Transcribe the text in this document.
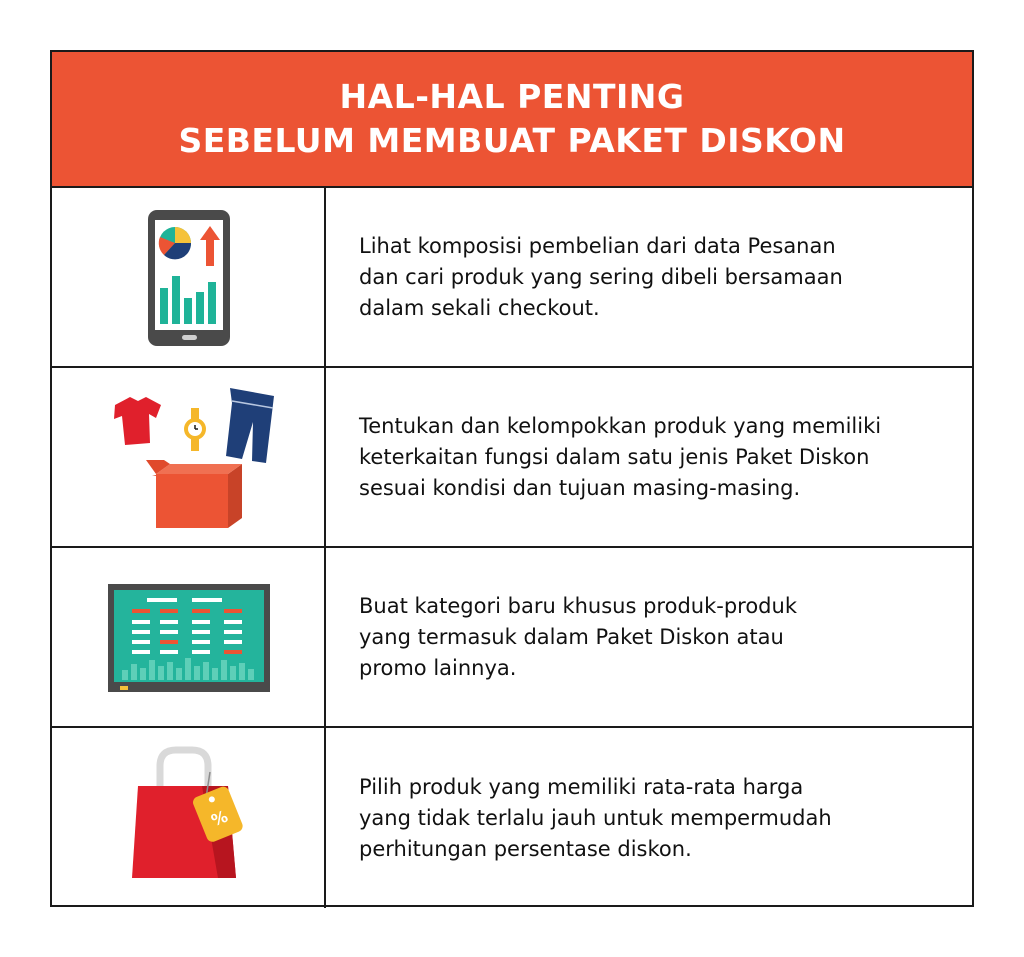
HAL-HAL PENTING
SEBELUM MEMBUAT PAKET DISKON

Lihat komposisi pembelian dari data Pesanan
dan cari produk yang sering dibeli bersamaan
dalam sekali checkout.

Tentukan dan kelompokkan produk yang memiliki
keterkaitan fungsi dalam satu jenis Paket Diskon
sesuai kondisi dan tujuan masing-masing.

Buat kategori baru khusus produk-produk
yang termasuk dalam Paket Diskon atau
promo lainnya.

%

Pilih produk yang memiliki rata-rata harga
yang tidak terlalu jauh untuk mempermudah
perhitungan persentase diskon.
